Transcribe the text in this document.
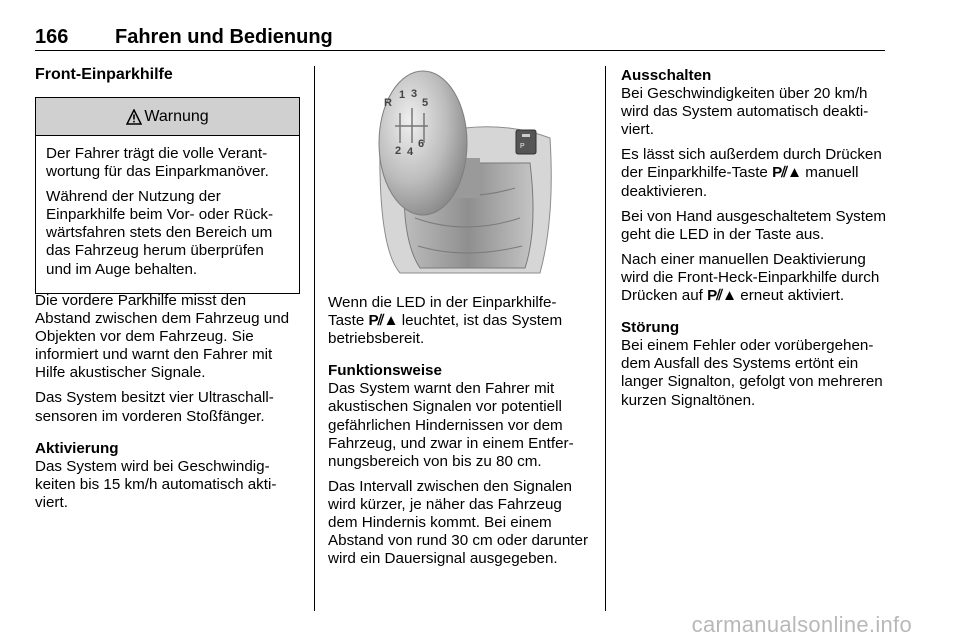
166 Fahren und Bedienung
Front-Einparkhilfe
Warnung

Der Fahrer trägt die volle Verantwortung für das Einparkmanöver.

Während der Nutzung der Einparkhilfe beim Vor- oder Rückwärtsfahren stets den Bereich um das Fahrzeug herum überprüfen und im Auge behalten.

Die vordere Parkhilfe misst den Abstand zwischen dem Fahrzeug und Objekten vor dem Fahrzeug. Sie informiert und warnt den Fahrer mit Hilfe akustischer Signale.

Das System besitzt vier Ultraschallsensoren im vorderen Stoßfänger.

Aktivierung

Das System wird bei Geschwindigkeiten bis 15 km/h automatisch aktiviert.

R
1 3
5
2 4
6	P

Wenn die LED in der Einparkhilfe-Taste P⫽▲ leuchtet, ist das System betriebsbereit.

Funktionsweise

Das System warnt den Fahrer mit akustischen Signalen vor potentiell gefährlichen Hindernissen vor dem Fahrzeug, und zwar in einem Entfernungsbereich von bis zu 80 cm.

Das Intervall zwischen den Signalen wird kürzer, je näher das Fahrzeug dem Hindernis kommt. Bei einem Abstand von rund 30 cm oder darunter wird ein Dauersignal ausgegeben.

Ausschalten

Bei Geschwindigkeiten über 20 km/h wird das System automatisch deaktiviert.

Es lässt sich außerdem durch Drücken der Einparkhilfe-Taste P⫽▲ manuell deaktivieren.

Bei von Hand ausgeschaltetem System geht die LED in der Taste aus.

Nach einer manuellen Deaktivierung wird die Front-Heck-Einparkhilfe durch Drücken auf P⫽▲ erneut aktiviert.

Störung

Bei einem Fehler oder vorübergehendem Ausfall des Systems ertönt ein langer Signalton, gefolgt von mehreren kurzen Signaltönen.

carmanualsonline.info
